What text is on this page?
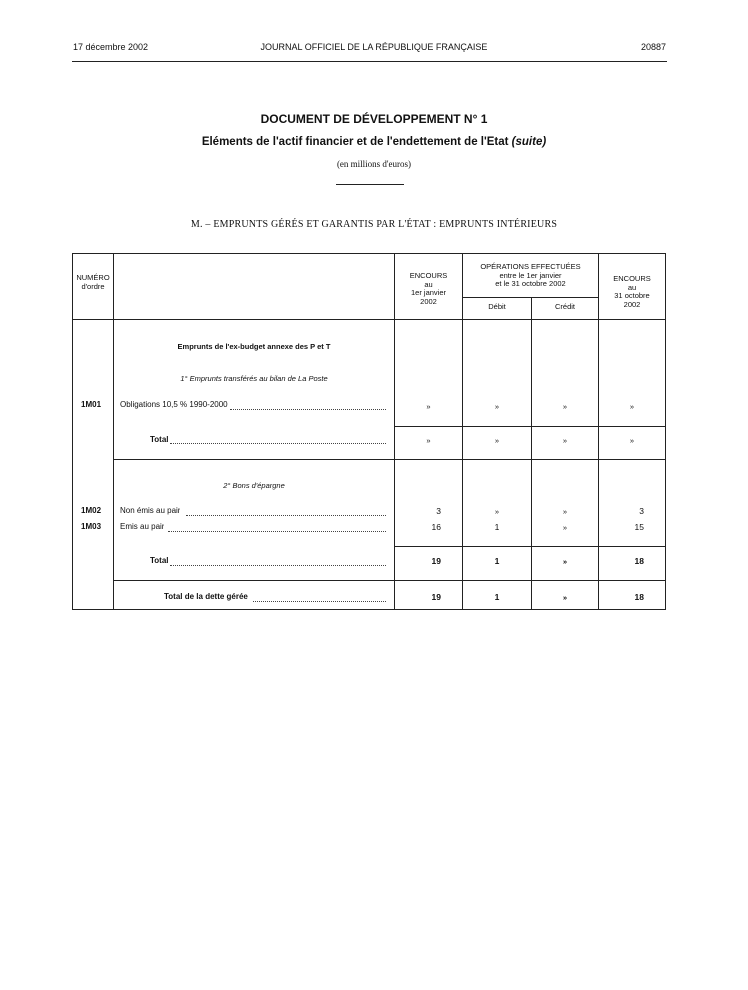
17 décembre 2002	JOURNAL OFFICIEL DE LA RÉPUBLIQUE FRANÇAISE	20887
DOCUMENT DE DÉVELOPPEMENT N° 1
Eléments de l'actif financier et de l'endettement de l'Etat (suite)
(en millions d'euros)
M. – EMPRUNTS GÉRÉS ET GARANTIS PAR L'ÉTAT : EMPRUNTS INTÉRIEURS
NUMÉRO
d'ordre
ENCOURS
au
1er janvier
2002
OPÉRATIONS EFFECTUÉES
entre le 1er janvier
et le 31 octobre 2002
Débit	Crédit
ENCOURS
au
31 octobre
2002
Emprunts de l'ex-budget annexe des P et T
1° Emprunts transférés au bilan de La Poste
1M01 Obligations 10,5 % 1990-2000	»	»	»	»
Total	»	»	»	»
2° Bons d'épargne
1M02 Non émis au pair	3	»	»	3
1M03 Emis au pair	16	1	»	15
Total	19	1	»	18
Total de la dette gérée	19	1	»	18
